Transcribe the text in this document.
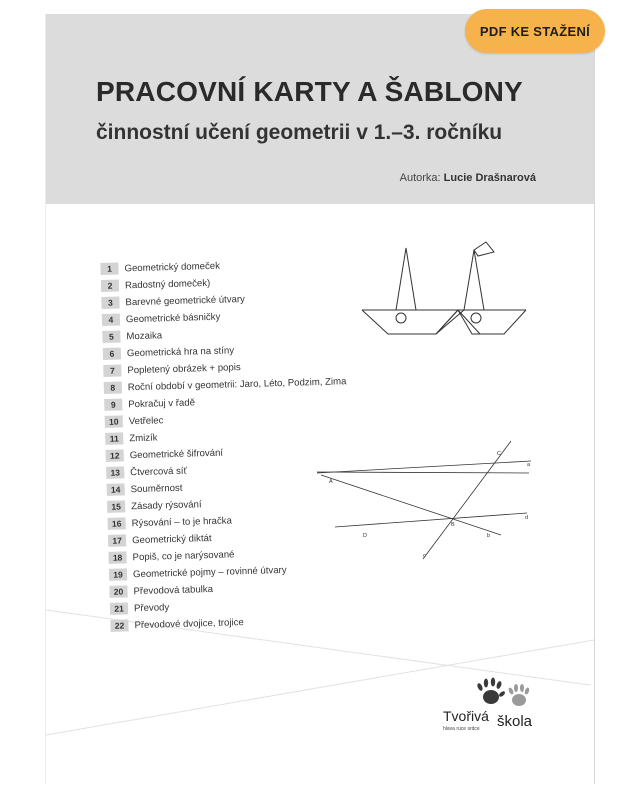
PRACOVNÍ KARTY A ŠABLONY
činnostní učení geometrii v 1.–3. ročníku
Autorka: Lucie Drašnarová
A
B
C
D
a
b
c
d
1	Geometrický domeček
2	Radostný domeček)
3	Barevné geometrické útvary
4	Geometrické básničky
5	Mozaika
6	Geometrická hra na stíny
7	Popletený obrázek + popis
8	Roční období v geometrii: Jaro, Léto, Podzim, Zima
9	Pokračuj v řadě
10	Vetřelec
11	Zmizík
12	Geometrické šifrování
13	Čtvercová síť
14	Souměrnost
15	Zásady rýsování
16	Rýsování – to je hračka
17	Geometrický diktát
18	Popiš, co je narýsované
19	Geometrické pojmy – rovinné útvary
20	Převodová tabulka
21	Převody
22	Převodové dvojice, trojice
Tvořivá škola
hlava ruce srdce
PDF KE STAŽENÍ
